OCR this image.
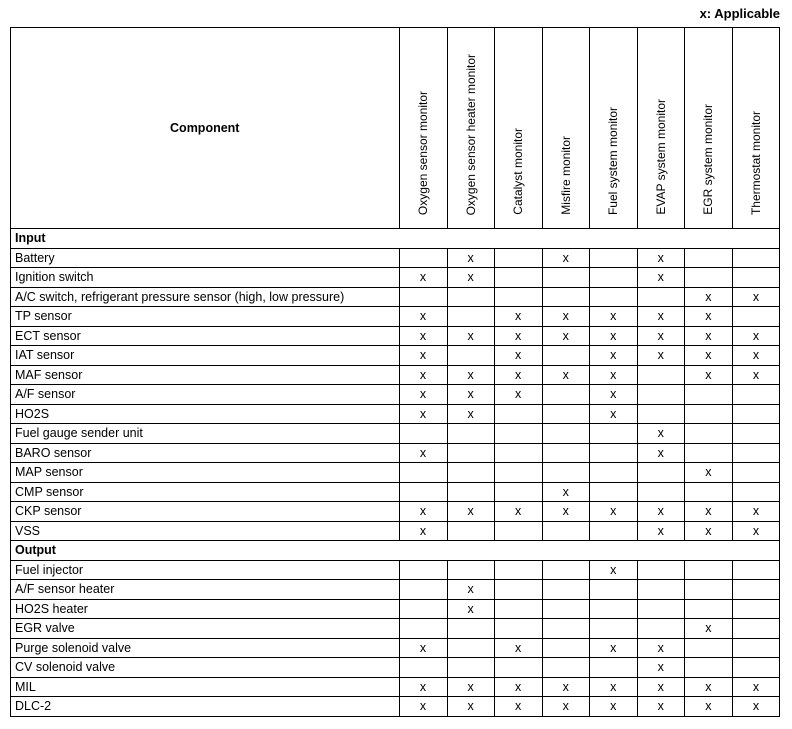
x: Applicable
Component	Oxygen sensor monitor	Oxygen sensor heater monitor	Catalyst monitor	Misfire monitor	Fuel system monitor	EVAP system monitor	EGR system monitor	Thermostat monitor
Input								
Battery		x		x		x		
Ignition switch	x	x				x		
A/C switch, refrigerant pressure sensor (high, low pressure)							x	x
TP sensor	x		x	x	x	x	x	
ECT sensor	x	x	x	x	x	x	x	x
IAT sensor	x		x		x	x	x	x
MAF sensor	x	x	x	x	x		x	x
A/F sensor	x	x	x		x			
HO2S	x	x			x			
Fuel gauge sender unit						x		
BARO sensor	x					x		
MAP sensor							x	
CMP sensor				x				
CKP sensor	x	x	x	x	x	x	x	x
VSS	x					x	x	x
Output								
Fuel injector					x			
A/F sensor heater		x						
HO2S heater		x						
EGR valve							x	
Purge solenoid valve	x		x		x	x		
CV solenoid valve						x		
MIL	x	x	x	x	x	x	x	x
DLC-2	x	x	x	x	x	x	x	x
